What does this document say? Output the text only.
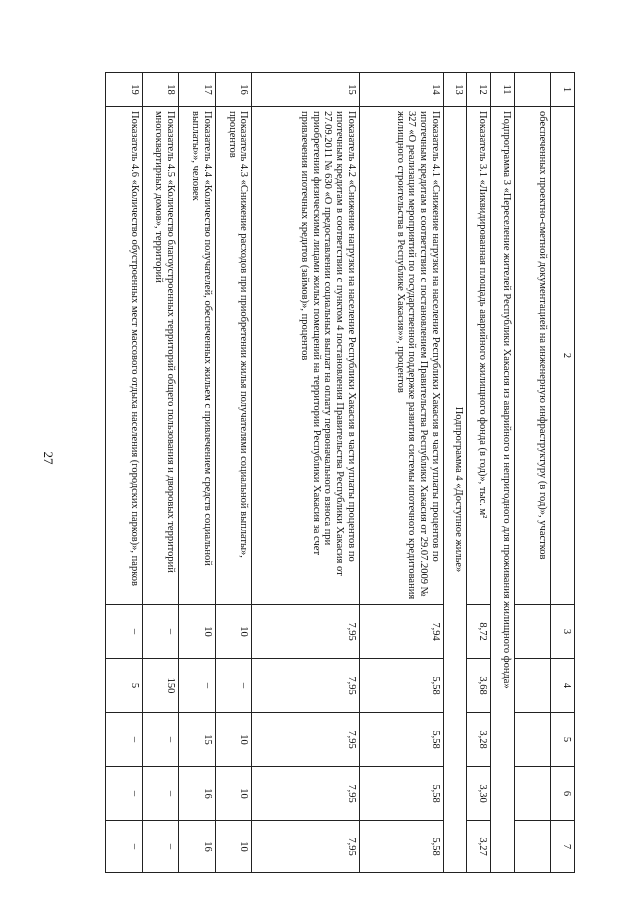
27
1	2	3	4	5	6	7
	обеспеченных проектно-сметной документацией на инженерную инфраструктуру (в год)», участков					
11	Подпрограмма 3 «Переселение жителей Республики Хакасия из аварийного и непригодного для проживания жилищного фонда»					
12	Показатель 3.1 «Ликвидированная площадь аварийного жилищного фонда (в год)», тыс. м²	8,72	3,68	3,28	3,30	3,27
13	Подпрограмма 4 «Доступное жилье»					
14	Показатель 4.1 «Снижение нагрузки на население Республики Хакасия в части уплаты процентов по ипотечным кредитам в соответствии с постановлением Правительства Республики Хакасия от 29.07.2009 № 327 «О реализации мероприятий по государственной поддержке развития системы ипотечного кредитования жилищного строительства в Республике Хакасия»», процентов	7,94	5,58	5,58	5,58	5,58
15	Показатель 4.2 «Снижение нагрузки на население Республики Хакасия в части уплаты процентов по ипотечным кредитам в соответствии с пунктом 4 постановления Правительства Республики Хакасия от 27.09.2011 № 630 «О предоставлении социальных выплат на оплату первоначального взноса при приобретении физическими лицами жилых помещений на территории Республики Хакасия за счет привлечения ипотечных кредитов (займов)», процентов	7,95	7,95	7,95	7,95	7,95
16	Показатель 4.3 «Снижение расходов при приобретении жилья получателями социальной выплаты», процентов	10	–	10	10	10
17	Показатель 4.4 «Количество получателей, обеспеченных жильем с привлечением средств социальной выплаты»», человек	10	–	15	16	16
18	Показатель 4.5 «Количество благоустроенных территорий общего пользования и дворовых территорий многоквартирных домов», территорий	–	150	–	–	–
19	Показатель 4.6 «Количество обустроенных мест массового отдыха населения (городских парков)», парков	–	5	–	–	–
